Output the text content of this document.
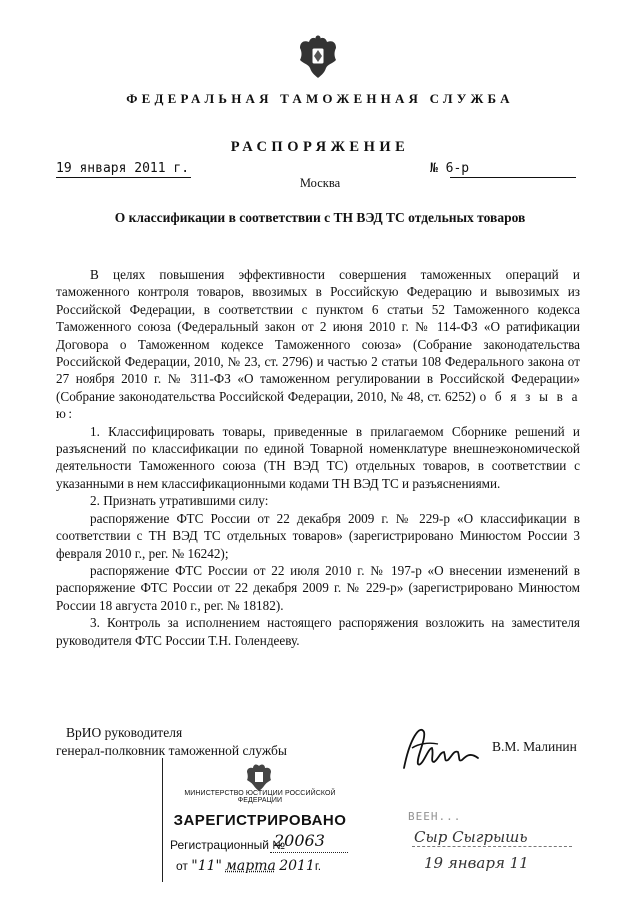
ФЕДЕРАЛЬНАЯ ТАМОЖЕННАЯ СЛУЖБА
РАСПОРЯЖЕНИЕ
19 января 2011 г.	№ 6-р
Москва
О классификации в соответствии с ТН ВЭД ТС отдельных товаров

В целях повышения эффективности совершения таможенных операций и таможенного контроля товаров, ввозимых в Российскую Федерацию и вывозимых из Российской Федерации, в соответствии с пунктом 6 статьи 52 Таможенного кодекса Таможенного союза (Федеральный закон от 2 июня 2010 г. № 114-ФЗ «О ратификации Договора о Таможенном кодексе Таможенного союза» (Собрание законодательства Российской Федерации, 2010, № 23, ст. 2796) и частью 2 статьи 108 Федерального закона от 27 ноября 2010 г. № 311-ФЗ «О таможенном регулировании в Российской Федерации» (Собрание законодательства Российской Федерации, 2010, № 48, ст. 6252) о б я з ы в а ю:

1. Классифицировать товары, приведенные в прилагаемом Сборнике решений и разъяснений по классификации по единой Товарной номенклатуре внешнеэкономической деятельности Таможенного союза (ТН ВЭД ТС) отдельных товаров, в соответствии с указанными в нем классификационными кодами ТН ВЭД ТС и разъяснениями.

2. Признать утратившими силу:

распоряжение ФТС России от 22 декабря 2009 г. № 229-р «О классификации в соответствии с ТН ВЭД ТС отдельных товаров» (зарегистрировано Минюстом России 3 февраля 2010 г., рег. № 16242);

распоряжение ФТС России от 22 июля 2010 г. № 197-р «О внесении изменений в распоряжение ФТС России от 22 декабря 2009 г. № 229-р» (зарегистрировано Минюстом России 18 августа 2010 г., рег. № 18182).

3. Контроль за исполнением настоящего распоряжения возложить на заместителя руководителя ФТС России Т.Н. Голендееву.

ВрИО руководителя
генерал-полковник таможенной службы	В.М. Малинин
МИНИСТЕРСТВО ЮСТИЦИИ РОССИЙСКОЙ ФЕДЕРАЦИИ
ЗАРЕГИСТРИРОВАНО
Регистрационный №
20063
от "11" марта 2011г.
ВЕЕН...
Сыр Сыгрышь
19 января 11
